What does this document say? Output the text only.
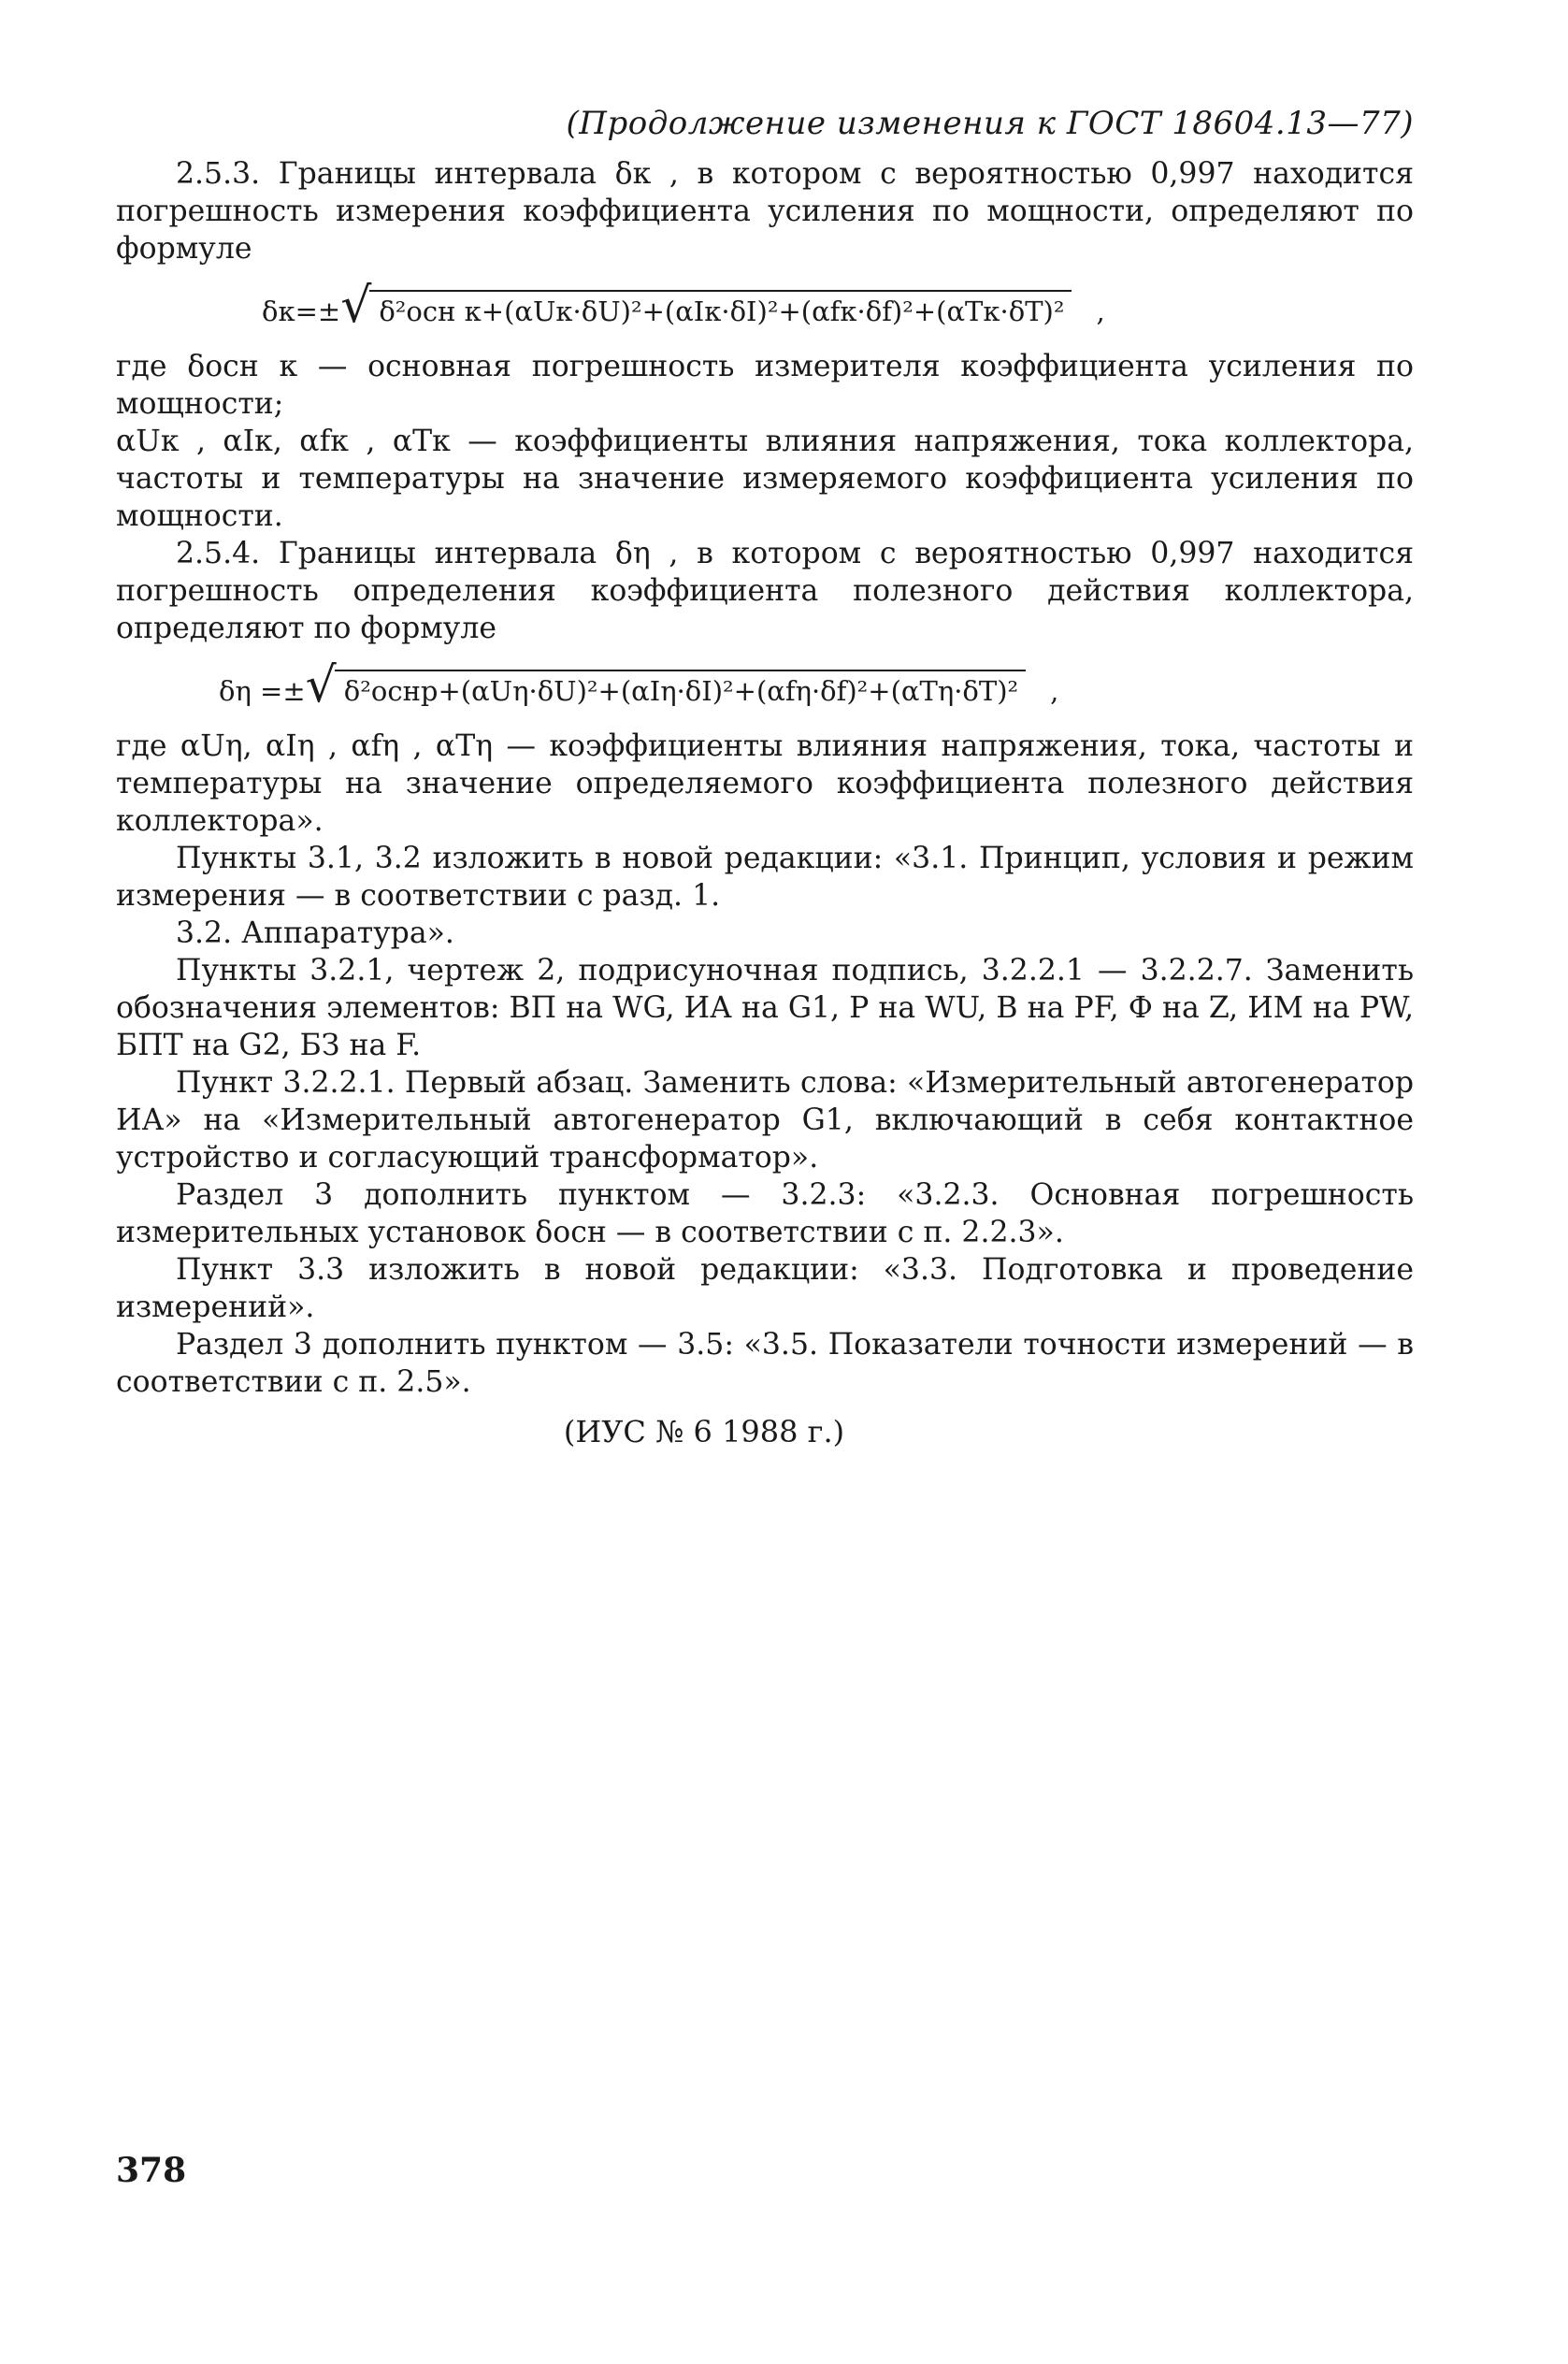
(Продолжение изменения к ГОСТ 18604.13—77)

2.5.3. Границы интервала δк , в котором с вероятностью 0,997 находится погрешность измерения коэффициента усиления по мощности, определяют по формуле

δк=± √ δ²осн к+(αUк·δU)²+(αIк·δI)²+(αfк·δf)²+(αTк·δT)² ,

где δосн к — основная погрешность измерителя коэффициента усиления по мощности;

αUк , αIк, αfк , αTк — коэффициенты влияния напряжения, тока коллектора, частоты и температуры на значение измеряемого коэффициента усиления по мощности.

2.5.4. Границы интервала δη , в котором с вероятностью 0,997 находится погрешность определения коэффициента полезного действия коллектора, определяют по формуле

δη =± √ δ²оснр+(αUη·δU)²+(αIη·δI)²+(αfη·δf)²+(αTη·δT)² ,

где αUη, αIη , αfη , αTη — коэффициенты влияния напряжения, тока, частоты и температуры на значение определяемого коэффициента полезного действия коллектора».

Пункты 3.1, 3.2 изложить в новой редакции: «3.1. Принцип, условия и режим измерения — в соответствии с разд. 1.

3.2. Аппаратура».

Пункты 3.2.1, чертеж 2, подрисуночная подпись, 3.2.2.1 — 3.2.2.7. Заменить обозначения элементов: ВП на WG, ИА на G1, Р на WU, В на PF, Ф на Z, ИМ на PW, БПТ на G2, БЗ на F.

Пункт 3.2.2.1. Первый абзац. Заменить слова: «Измерительный автогенератор ИА» на «Измерительный автогенератор G1, включающий в себя контактное устройство и согласующий трансформатор».

Раздел 3 дополнить пунктом — 3.2.3: «3.2.3. Основная погрешность измерительных установок δосн — в соответствии с п. 2.2.3».

Пункт 3.3 изложить в новой редакции: «3.3. Подготовка и проведение измерений».

Раздел 3 дополнить пунктом — 3.5: «3.5. Показатели точности измерений — в соответствии с п. 2.5».

(ИУС № 6 1988 г.)
378
